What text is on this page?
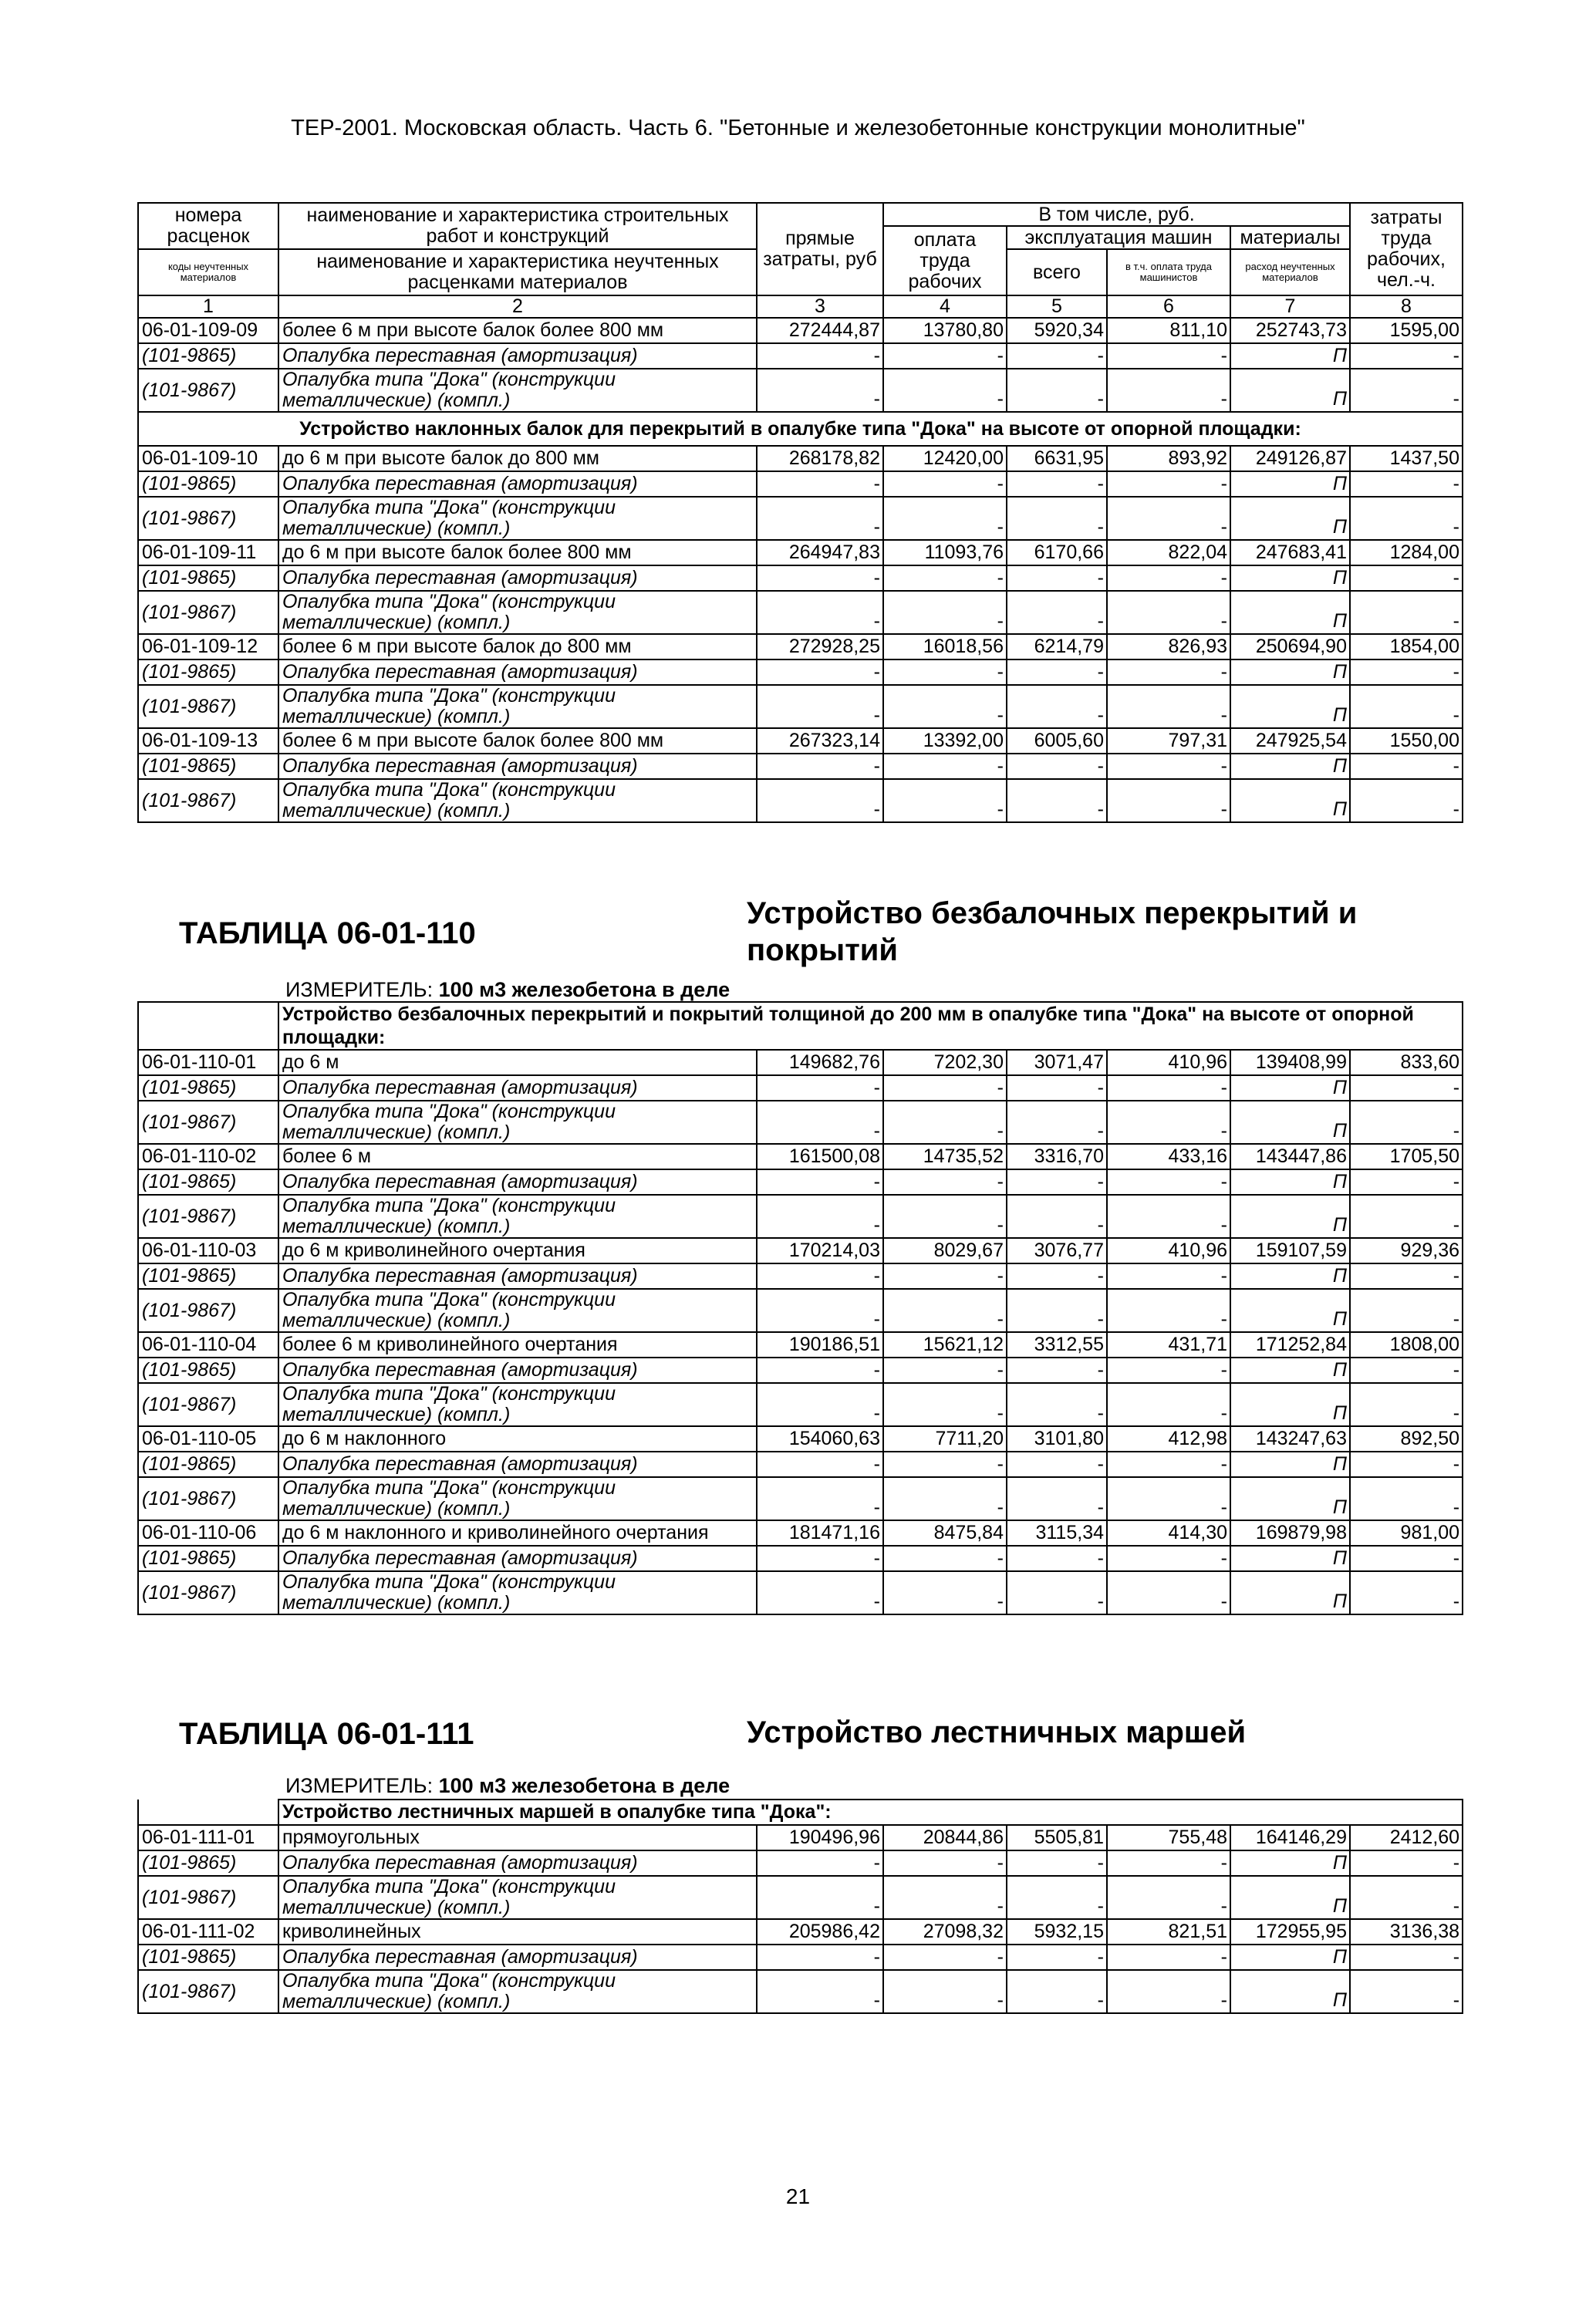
ТЕР-2001. Московская область. Часть 6. "Бетонные и железобетонные конструкции монолитные"
номера расценок	наименование и характеристика строительных работ и конструкций	прямые затраты, руб	В том числе, руб.				затраты труда рабочих, чел.-ч.
			оплата труда рабочих	эксплуатация машин		материалы	
коды неучтенных материалов	наименование и характеристика неучтенных расценками материалов			всего	в т.ч. оплата труда машинистов	расход неучтенных материалов	

1	2	3	4	5	6	7	8
06-01-109-09	более 6 м при высоте балок более 800 мм	272444,87	13780,80	5920,34	811,10	252743,73	1595,00
(101-9865)	Опалубка переставная (амортизация)	-	-	-	-	П	-
(101-9867)	Опалубка типа "Дока" (конструкции металлические) (компл.)	-	-	-	-	П	-
Устройство наклонных балок для перекрытий в опалубке типа "Дока" на высоте от опорной площадки:							
06-01-109-10	до 6 м при высоте балок до 800 мм	268178,82	12420,00	6631,95	893,92	249126,87	1437,50
(101-9865)	Опалубка переставная (амортизация)	-	-	-	-	П	-
(101-9867)	Опалубка типа "Дока" (конструкции металлические) (компл.)	-	-	-	-	П	-
06-01-109-11	до 6 м при высоте балок более 800 мм	264947,83	11093,76	6170,66	822,04	247683,41	1284,00
(101-9865)	Опалубка переставная (амортизация)	-	-	-	-	П	-
(101-9867)	Опалубка типа "Дока" (конструкции металлические) (компл.)	-	-	-	-	П	-
06-01-109-12	более 6 м при высоте балок до 800 мм	272928,25	16018,56	6214,79	826,93	250694,90	1854,00
(101-9865)	Опалубка переставная (амортизация)	-	-	-	-	П	-
(101-9867)	Опалубка типа "Дока" (конструкции металлические) (компл.)	-	-	-	-	П	-
06-01-109-13	более 6 м при высоте балок более 800 мм	267323,14	13392,00	6005,60	797,31	247925,54	1550,00
(101-9865)	Опалубка переставная (амортизация)	-	-	-	-	П	-
(101-9867)	Опалубка типа "Дока" (конструкции металлические) (компл.)	-	-	-	-	П	-
ТАБЛИЦА 06-01-110
Устройство безбалочных перекрытий и покрытий
ИЗМЕРИТЕЛЬ: 100 м3 железобетона в деле
	Устройство безбалочных перекрытий и покрытий толщиной до 200 мм в опалубке типа "Дока" на высоте от опорной площадки:						
06-01-110-01	до 6 м	149682,76	7202,30	3071,47	410,96	139408,99	833,60
(101-9865)	Опалубка переставная (амортизация)	-	-	-	-	П	-
(101-9867)	Опалубка типа "Дока" (конструкции металлические) (компл.)	-	-	-	-	П	-
06-01-110-02	более 6 м	161500,08	14735,52	3316,70	433,16	143447,86	1705,50
(101-9865)	Опалубка переставная (амортизация)	-	-	-	-	П	-
(101-9867)	Опалубка типа "Дока" (конструкции металлические) (компл.)	-	-	-	-	П	-
06-01-110-03	до 6 м криволинейного очертания	170214,03	8029,67	3076,77	410,96	159107,59	929,36
(101-9865)	Опалубка переставная (амортизация)	-	-	-	-	П	-
(101-9867)	Опалубка типа "Дока" (конструкции металлические) (компл.)	-	-	-	-	П	-
06-01-110-04	более 6 м криволинейного очертания	190186,51	15621,12	3312,55	431,71	171252,84	1808,00
(101-9865)	Опалубка переставная (амортизация)	-	-	-	-	П	-
(101-9867)	Опалубка типа "Дока" (конструкции металлические) (компл.)	-	-	-	-	П	-
06-01-110-05	до 6 м наклонного	154060,63	7711,20	3101,80	412,98	143247,63	892,50
(101-9865)	Опалубка переставная (амортизация)	-	-	-	-	П	-
(101-9867)	Опалубка типа "Дока" (конструкции металлические) (компл.)	-	-	-	-	П	-
06-01-110-06	до 6 м наклонного и криволинейного очертания	181471,16	8475,84	3115,34	414,30	169879,98	981,00
(101-9865)	Опалубка переставная (амортизация)	-	-	-	-	П	-
(101-9867)	Опалубка типа "Дока" (конструкции металлические) (компл.)	-	-	-	-	П	-
ТАБЛИЦА 06-01-111	Устройство лестничных маршей
ИЗМЕРИТЕЛЬ: 100 м3 железобетона в деле
	Устройство лестничных маршей в опалубке типа "Дока":						
06-01-111-01	прямоугольных	190496,96	20844,86	5505,81	755,48	164146,29	2412,60
(101-9865)	Опалубка переставная (амортизация)	-	-	-	-	П	-
(101-9867)	Опалубка типа "Дока" (конструкции металлические) (компл.)	-	-	-	-	П	-
06-01-111-02	криволинейных	205986,42	27098,32	5932,15	821,51	172955,95	3136,38
(101-9865)	Опалубка переставная (амортизация)	-	-	-	-	П	-
(101-9867)	Опалубка типа "Дока" (конструкции металлические) (компл.)	-	-	-	-	П	-
21
